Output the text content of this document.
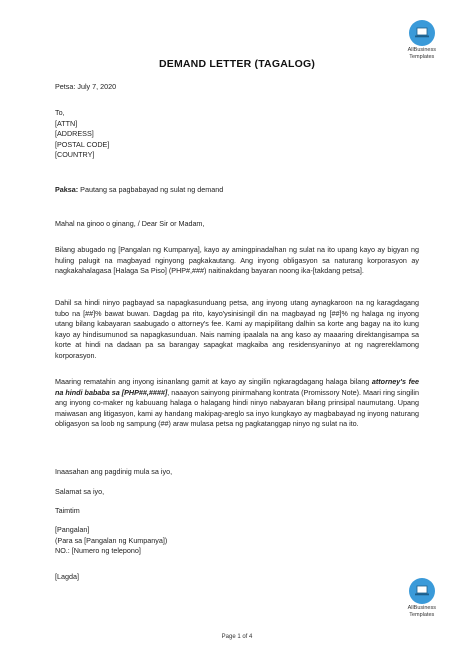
AllBusiness
Templates
AllBusiness
Templates
DEMAND LETTER (TAGALOG)
Petsa: July 7, 2020
To,
[ATTN]
[ADDRESS]
[POSTAL CODE]
[COUNTRY]
Paksa: Pautang sa pagbabayad ng sulat ng demand
Mahal na ginoo o ginang, / Dear Sir or Madam,

Bilang abugado ng [Pangalan ng Kumpanya], kayo ay amingpinadalhan ng sulat na ito upang kayo ay bigyan ng huling palugit na magbayad nginyong pagkakautang. Ang inyong obligasyon sa naturang korporasyon ay nagkakahalagasa [Halaga Sa Piso] (PHP#,###) naitinakdang bayaran noong ika-[takdang petsa].

Dahil sa hindi ninyo pagbayad sa napagkasunduang petsa, ang inyong utang aynagkaroon na ng karagdagang tubo na [##]% bawat buwan. Dagdag pa rito, kayo'ysinisingil din na magbayad ng [##]% ng halaga ng inyong utang bilang kabayaran saabugado o attorney's fee. Kami ay mapipilitang dalhin sa korte ang bagay na ito kung kayo ay hindisumunod sa napagkasunduan. Nais naming ipaalala na ang kaso ay maaaring direktangisampa sa korte at hindi na dadaan pa sa barangay sapagkat magkaiba ang residensyaninyo at ng nagrereklamong korporasyon.

Maaring rematahin ang inyong isinanlang gamit at kayo ay singilin ngkaragdagang halaga bilang attorney's fee na hindi bababa sa [PHP##,####], naaayon sainyong pinirmahang kontrata (Promissory Note). Maari ring singilin ang inyong co-maker ng kabuuang halaga o halagang hindi ninyo nabayaran bilang prinsipal naumutang. Upang maiwasan ang litigasyon, kami ay handang makipag-areglo sa inyo kungkayo ay magbabayad ng inyong naturang obligasyon sa loob ng sampung (##) araw mulasa petsa ng pagkatanggap ninyo ng sulat na ito.

Inaasahan ang pagdinig mula sa iyo,
Salamat sa iyo,
Taimtim
[Pangalan]
(Para sa [Pangalan ng Kumpanya])
NO.: [Numero ng telepono]
[Lagda]
Page 1 of 4
